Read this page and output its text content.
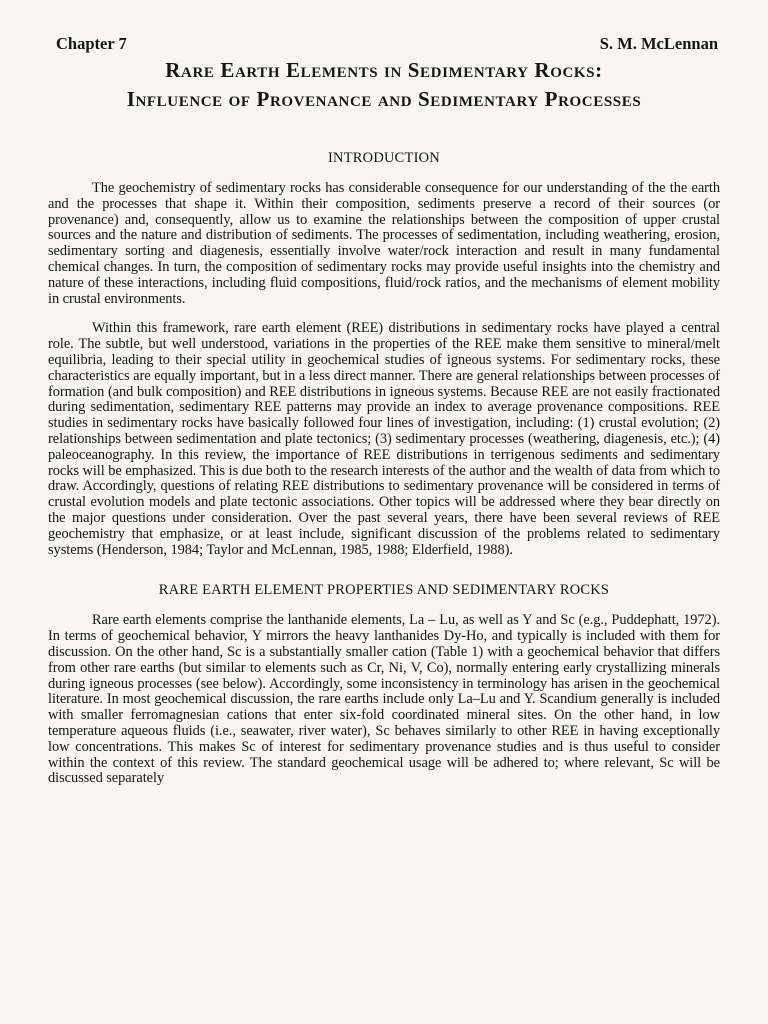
Chapter 7	S. M. McLennan
Rare Earth Elements in Sedimentary Rocks:
Influence of Provenance and Sedimentary Processes
INTRODUCTION

The geochemistry of sedimentary rocks has considerable consequence for our understanding of the the earth and the processes that shape it. Within their composition, sediments preserve a record of their sources (or provenance) and, consequently, allow us to examine the relationships between the composition of upper crustal sources and the nature and distribution of sediments. The processes of sedimentation, including weathering, erosion, sedimentary sorting and diagenesis, essentially involve water/rock interaction and result in many fundamental chemical changes. In turn, the composition of sedimentary rocks may provide useful insights into the chemistry and nature of these interactions, including fluid compositions, fluid/rock ratios, and the mechanisms of element mobility in crustal environments.

Within this framework, rare earth element (REE) distributions in sedimentary rocks have played a central role. The subtle, but well understood, variations in the properties of the REE make them sensitive to mineral/melt equilibria, leading to their special utility in geochemical studies of igneous systems. For sedimentary rocks, these characteristics are equally important, but in a less direct manner. There are general relationships between processes of formation (and bulk composition) and REE distributions in igneous systems. Because REE are not easily fractionated during sedimentation, sedimentary REE patterns may provide an index to average provenance compositions. REE studies in sedimentary rocks have basically followed four lines of investigation, including: (1) crustal evolution; (2) relationships between sedimentation and plate tectonics; (3) sedimentary processes (weathering, diagenesis, etc.); (4) paleoceanography. In this review, the importance of REE distributions in terrigenous sediments and sedimentary rocks will be emphasized. This is due both to the research interests of the author and the wealth of data from which to draw. Accordingly, questions of relating REE distributions to sedimentary provenance will be considered in terms of crustal evolution models and plate tectonic associations. Other topics will be addressed where they bear directly on the major questions under consideration. Over the past several years, there have been several reviews of REE geochemistry that emphasize, or at least include, significant discussion of the problems related to sedimentary systems (Henderson, 1984; Taylor and McLennan, 1985, 1988; Elderfield, 1988).

RARE EARTH ELEMENT PROPERTIES AND SEDIMENTARY ROCKS

Rare earth elements comprise the lanthanide elements, La – Lu, as well as Y and Sc (e.g., Puddephatt, 1972). In terms of geochemical behavior, Y mirrors the heavy lanthanides Dy-Ho, and typically is included with them for discussion. On the other hand, Sc is a substantially smaller cation (Table 1) with a geochemical behavior that differs from other rare earths (but similar to elements such as Cr, Ni, V, Co), normally entering early crystallizing minerals during igneous processes (see below). Accordingly, some inconsistency in terminology has arisen in the geochemical literature. In most geochemical discussion, the rare earths include only La–Lu and Y. Scandium generally is included with smaller ferromagnesian cations that enter six-fold coordinated mineral sites. On the other hand, in low temperature aqueous fluids (i.e., seawater, river water), Sc behaves similarly to other REE in having exceptionally low concentrations. This makes Sc of interest for sedimentary provenance studies and is thus useful to consider within the context of this review. The standard geochemical usage will be adhered to; where relevant, Sc will be discussed separately
